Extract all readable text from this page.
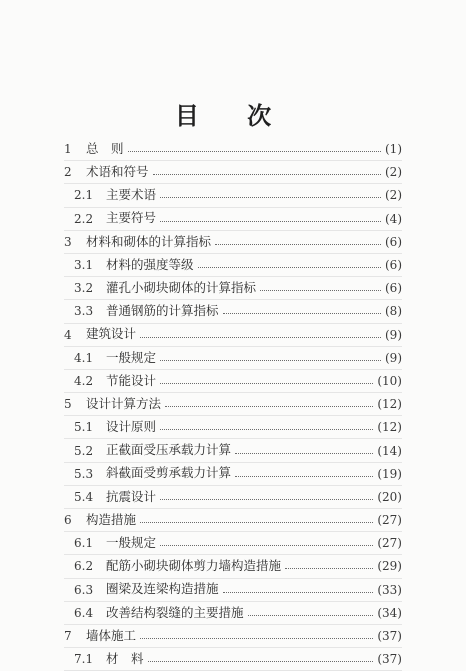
目 次
1	总　则	(1)
2	术语和符号	(2)
2.1	主要术语	(2)
2.2	主要符号	(4)
3	材料和砌体的计算指标	(6)
3.1	材料的强度等级	(6)
3.2	灌孔小砌块砌体的计算指标	(6)
3.3	普通钢筋的计算指标	(8)
4	建筑设计	(9)
4.1	一般规定	(9)
4.2	节能设计	(10)
5	设计计算方法	(12)
5.1	设计原则	(12)
5.2	正截面受压承载力计算	(14)
5.3	斜截面受剪承载力计算	(19)
5.4	抗震设计	(20)
6	构造措施	(27)
6.1	一般规定	(27)
6.2	配筋小砌块砌体剪力墙构造措施	(29)
6.3	圈梁及连梁构造措施	(33)
6.4	改善结构裂缝的主要措施	(34)
7	墙体施工	(37)
7.1	材　料	(37)
